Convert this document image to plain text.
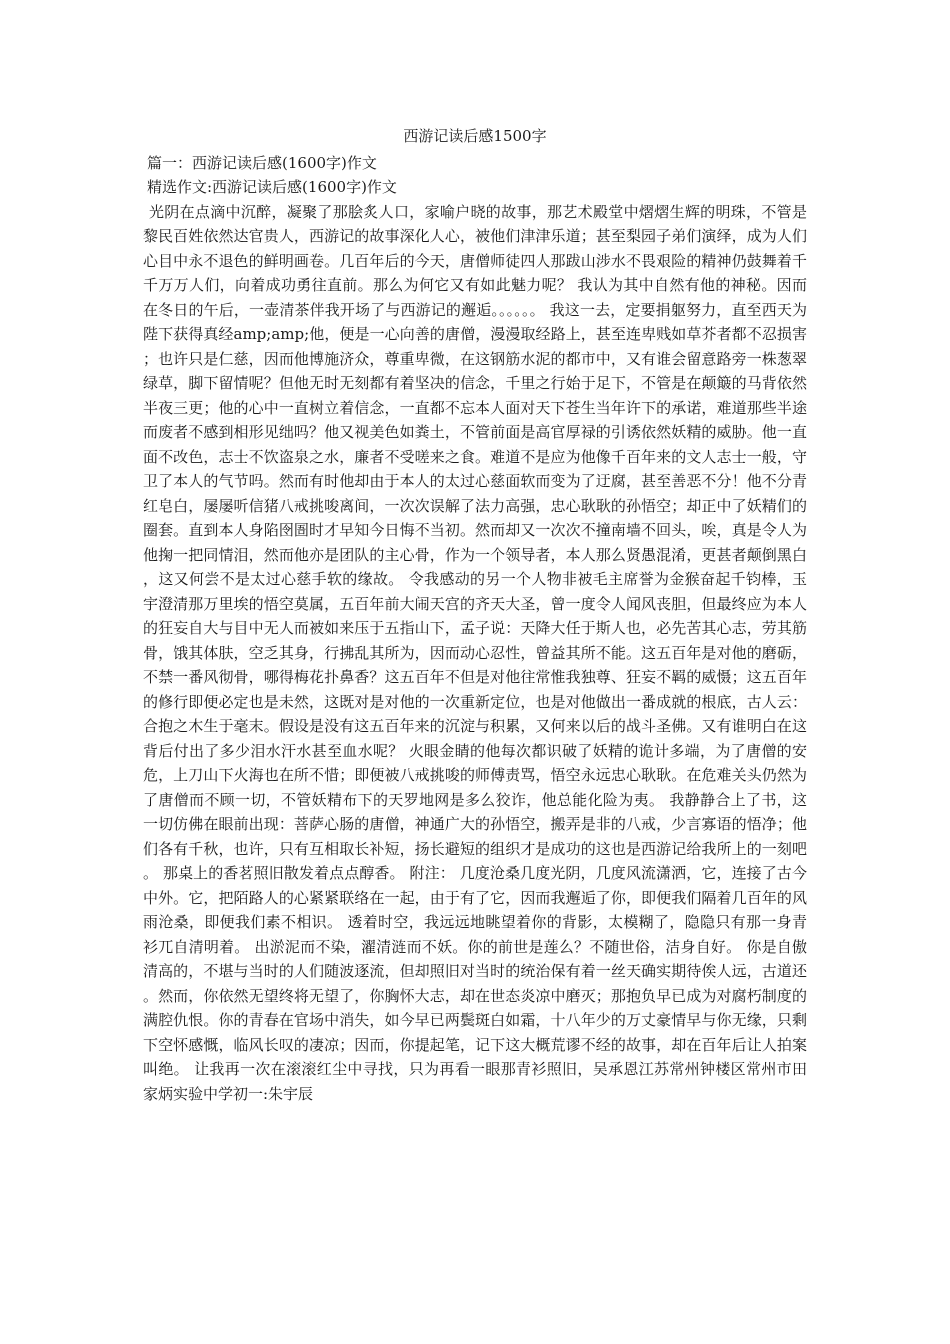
西游记读后感1500字
篇一：西游记读后感(1600字)作文
精选作文:西游记读后感(1600字)作文
光阴在点滴中沉醉，凝聚了那脍炙人口，家喻户晓的故事，那艺术殿堂中熠熠生辉的明珠，不管是黎民百姓依然达官贵人，西游记的故事深化人心，被他们津津乐道；甚至梨园子弟们演绎，成为人们心目中永不退色的鲜明画卷。几百年后的今天，唐僧师徒四人那跋山涉水不畏艰险的精神仍鼓舞着千千万万人们，向着成功勇往直前。那么为何它又有如此魅力呢？ 我认为其中自然有他的神秘。因而在冬日的午后，一壶清茶伴我开场了与西游记的邂逅。。。。。。 我这一去，定要捐躯努力，直至西天为陛下获得真经amp;amp;他，便是一心向善的唐僧，漫漫取经路上，甚至连卑贱如草芥者都不忍损害；也许只是仁慈，因而他博施济众，尊重卑微，在这钢筋水泥的都市中，又有谁会留意路旁一株葱翠绿草，脚下留情呢？但他无时无刻都有着坚决的信念，千里之行始于足下，不管是在颠簸的马背依然半夜三更；他的心中一直树立着信念，一直都不忘本人面对天下苍生当年许下的承诺，难道那些半途而废者不感到相形见绌吗？他又视美色如粪土，不管前面是高官厚禄的引诱依然妖精的威胁。他一直面不改色，志士不饮盗泉之水，廉者不受嗟来之食。难道不是应为他像千百年来的文人志士一般，守卫了本人的气节吗。然而有时他却由于本人的太过心慈面软而变为了迂腐，甚至善恶不分！他不分青红皂白，屡屡听信猪八戒挑唆离间，一次次误解了法力高强，忠心耿耿的孙悟空；却正中了妖精们的圈套。直到本人身陷囹圄时才早知今日悔不当初。然而却又一次次不撞南墙不回头，唉，真是令人为他掬一把同情泪，然而他亦是团队的主心骨，作为一个领导者，本人那么贤愚混淆，更甚者颠倒黑白，这又何尝不是太过心慈手软的缘故。 令我感动的另一个人物非被毛主席誉为金猴奋起千钧棒，玉宇澄清那万里埃的悟空莫属，五百年前大闹天宫的齐天大圣，曾一度令人闻风丧胆，但最终应为本人的狂妄自大与目中无人而被如来压于五指山下，孟子说：天降大任于斯人也，必先苦其心志，劳其筋骨，饿其体肤，空乏其身，行拂乱其所为，因而动心忍性，曾益其所不能。这五百年是对他的磨砺，不禁一番风彻骨，哪得梅花扑鼻香？这五百年不但是对他往常惟我独尊、狂妄不羁的威慑；这五百年的修行即便必定也是未然，这既对是对他的一次重新定位，也是对他做出一番成就的根底，古人云：合抱之木生于毫末。假设是没有这五百年来的沉淀与积累，又何来以后的战斗圣佛。又有谁明白在这背后付出了多少泪水汗水甚至血水呢？ 火眼金睛的他每次都识破了妖精的诡计多端，为了唐僧的安危，上刀山下火海也在所不惜；即便被八戒挑唆的师傅责骂，悟空永远忠心耿耿。在危难关头仍然为了唐僧而不顾一切，不管妖精布下的天罗地网是多么狡诈，他总能化险为夷。 我静静合上了书，这一切仿佛在眼前出现：菩萨心肠的唐僧，神通广大的孙悟空，搬弄是非的八戒，少言寡语的悟净；他们各有千秋，也许，只有互相取长补短，扬长避短的组织才是成功的这也是西游记给我所上的一刻吧。 那桌上的香茗照旧散发着点点醇香。 附注： 几度沧桑几度光阴，几度风流潇洒，它，连接了古今中外。它，把陌路人的心紧紧联络在一起，由于有了它，因而我邂逅了你，即便我们隔着几百年的风雨沧桑，即便我们素不相识。 透着时空，我远远地眺望着你的背影，太模糊了，隐隐只有那一身青衫兀自清明着。 出淤泥而不染，濯清涟而不妖。你的前世是莲么？不随世俗，洁身自好。 你是自傲清高的，不堪与当时的人们随波逐流，但却照旧对当时的统治保有着一丝天确实期待俟人远，古道还。然而，你依然无望终将无望了，你胸怀大志，却在世态炎凉中磨灭；那抱负早已成为对腐朽制度的满腔仇恨。你的青春在官场中消失，如今早已两鬓斑白如霜，十八年少的万丈豪情早与你无缘，只剩下空怀感慨，临风长叹的凄凉；因而，你提起笔，记下这大概荒谬不经的故事，却在百年后让人拍案叫绝。 让我再一次在滚滚红尘中寻找，只为再看一眼那青衫照旧，吴承恩江苏常州钟楼区常州市田家炳实验中学初一:朱宇辰
